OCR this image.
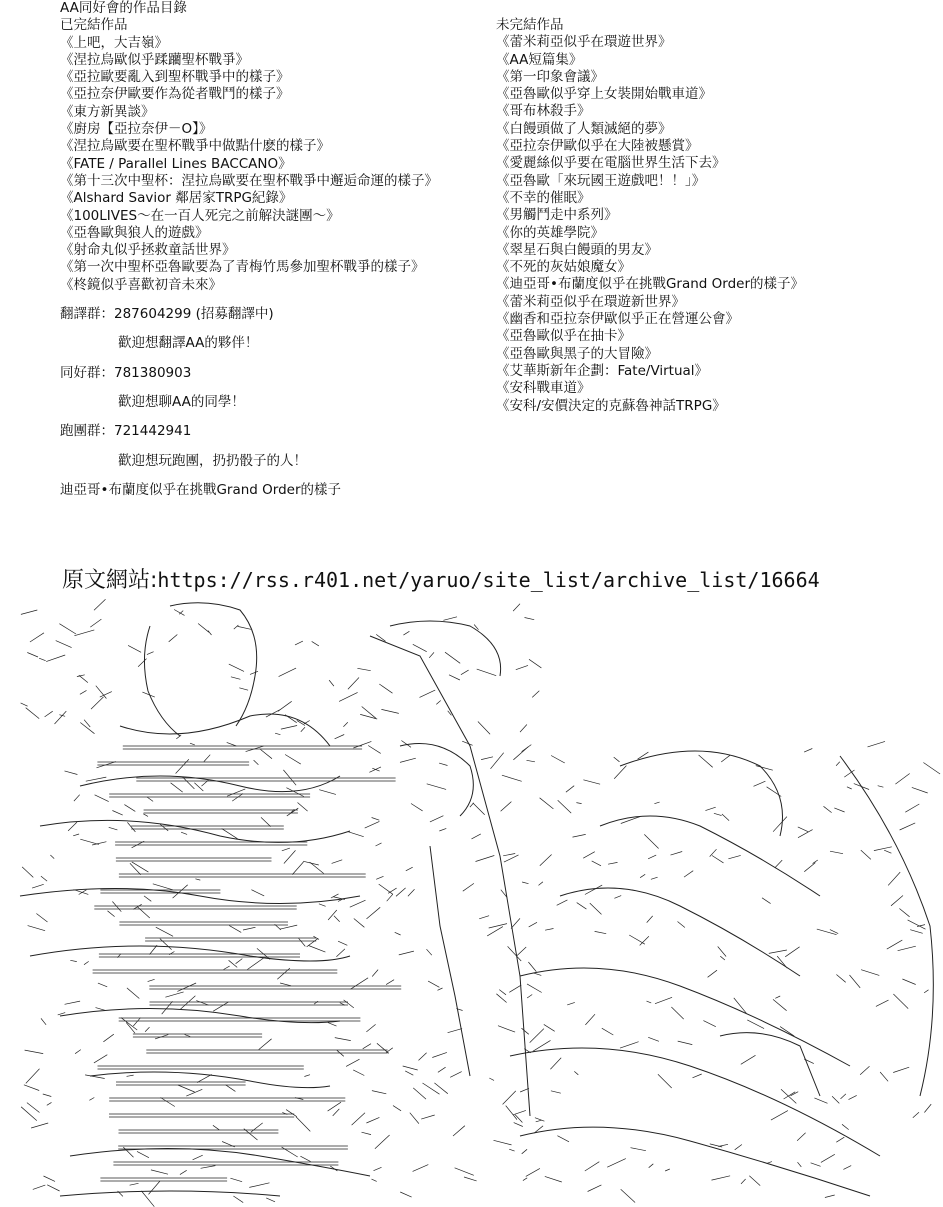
AA同好會的作品目錄
已完結作品
《上吧，大吉嶺》
《涅拉烏歐似乎蹂躪聖杯戰爭》
《亞拉歐要亂入到聖杯戰爭中的樣子》
《亞拉奈伊歐要作為從者戰鬥的樣子》
《東方新異談》
《廚房【亞拉奈伊－O】》
《涅拉烏歐要在聖杯戰爭中做點什麽的樣子》
《FATE / Parallel Lines BACCANO》
《第十三次中聖杯：涅拉烏歐要在聖杯戰爭中邂逅命運的樣子》
《Alshard Savior 鄰居家TRPG紀錄》
《100LIVES～在一百人死完之前解決謎團～》
《亞魯歐與狼人的遊戲》
《射命丸似乎拯救童話世界》
《第一次中聖杯亞魯歐要為了青梅竹馬參加聖杯戰爭的樣子》
《柊鏡似乎喜歡初音未來》
翻譯群：287604299 (招募翻譯中)
歡迎想翻譯AA的夥伴！
同好群：781380903
歡迎想聊AA的同學！
跑團群：721442941
歡迎想玩跑團，扔扔骰子的人！
迪亞哥•布蘭度似乎在挑戰Grand Order的樣子
未完結作品
《蕾米莉亞似乎在環遊世界》
《AA短篇集》
《第一印象會議》
《亞魯歐似乎穿上女裝開始戰車道》
《哥布林殺手》
《白饅頭做了人類滅絕的夢》
《亞拉奈伊歐似乎在大陸被懸賞》
《愛麗絲似乎要在電腦世界生活下去》
《亞魯歐「來玩國王遊戲吧！！」》
《不幸的催眠》
《男觸鬥走中系列》
《你的英雄學院》
《翠星石與白饅頭的男友》
《不死的灰姑娘魔女》
《迪亞哥•布蘭度似乎在挑戰Grand Order的樣子》
《蕾米莉亞似乎在環遊新世界》
《幽香和亞拉奈伊歐似乎正在營運公會》
《亞魯歐似乎在抽卡》
《亞魯歐與黑子的大冒險》
《艾華斯新年企劃：Fate/Virtual》
《安科戰車道》
《安科/安價決定的克蘇魯神話TRPG》
原文網站:https://rss.r401.net/yaruo/site_list/archive_list/16664
